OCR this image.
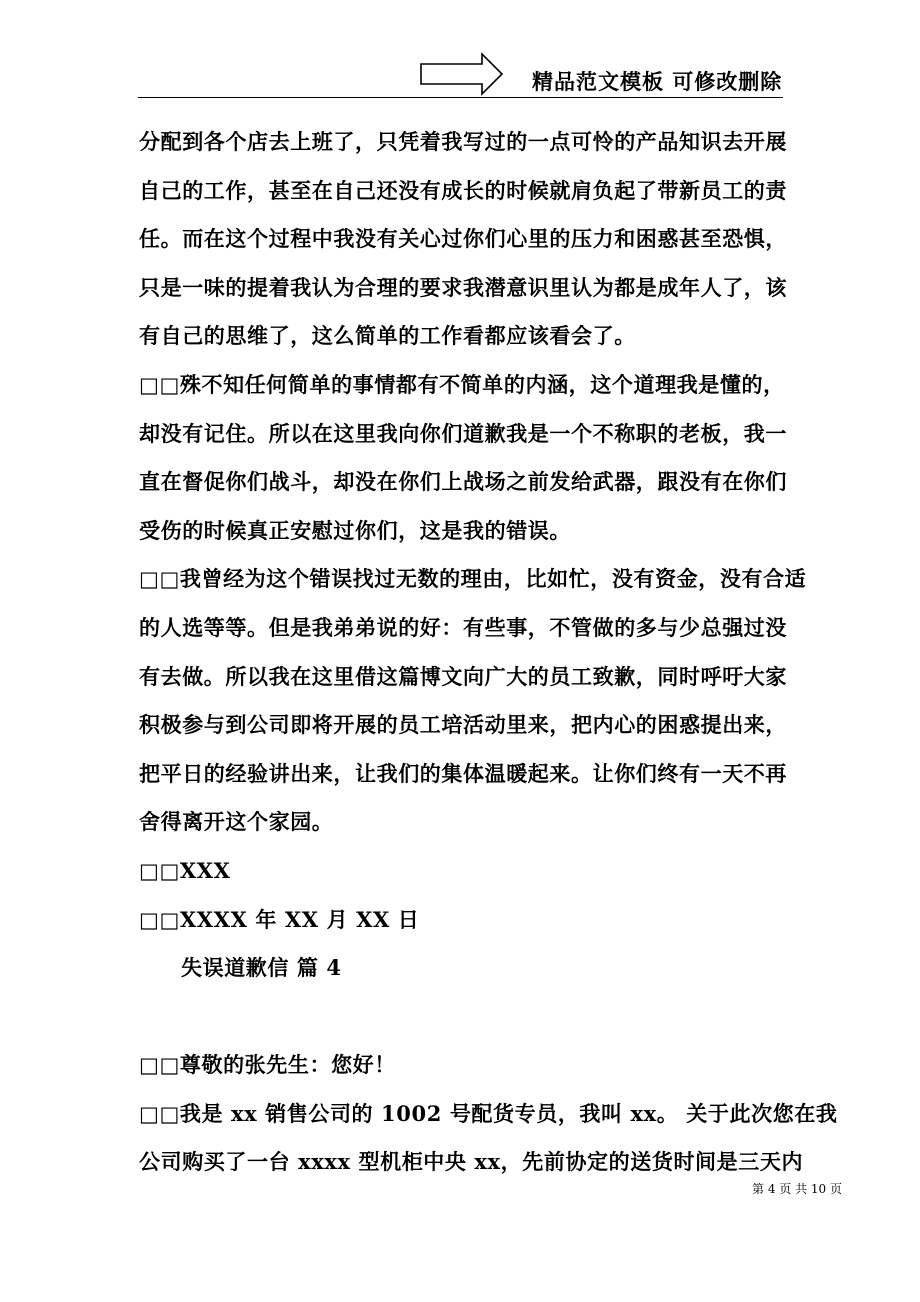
精品范文模板 可修改删除
分配到各个店去上班了，只凭着我写过的一点可怜的产品知识去开展
自己的工作，甚至在自己还没有成长的时候就肩负起了带新员工的责
任。而在这个过程中我没有关心过你们心里的压力和困惑甚至恐惧，
只是一味的提着我认为合理的要求我潜意识里认为都是成年人了，该
有自己的思维了，这么简单的工作看都应该看会了。
□□殊不知任何简单的事情都有不简单的内涵，这个道理我是懂的，
却没有记住。所以在这里我向你们道歉我是一个不称职的老板，我一
直在督促你们战斗，却没在你们上战场之前发给武器，跟没有在你们
受伤的时候真正安慰过你们，这是我的错误。
□□我曾经为这个错误找过无数的理由，比如忙，没有资金，没有合适
的人选等等。但是我弟弟说的好：有些事，不管做的多与少总强过没
有去做。所以我在这里借这篇博文向广大的员工致歉，同时呼吁大家
积极参与到公司即将开展的员工培活动里来，把内心的困惑提出来，
把平日的经验讲出来，让我们的集体温暖起来。让你们终有一天不再
舍得离开这个家园。
□□XXX
□□XXXX 年 XX 月 XX 日
失误道歉信 篇 4
□□尊敬的张先生：您好！
□□我是 xx 销售公司的 1002 号配货专员，我叫 xx。 关于此次您在我
公司购买了一台 xxxx 型机柜中央 xx，先前协定的送货时间是三天内
第 4 页 共 10 页
